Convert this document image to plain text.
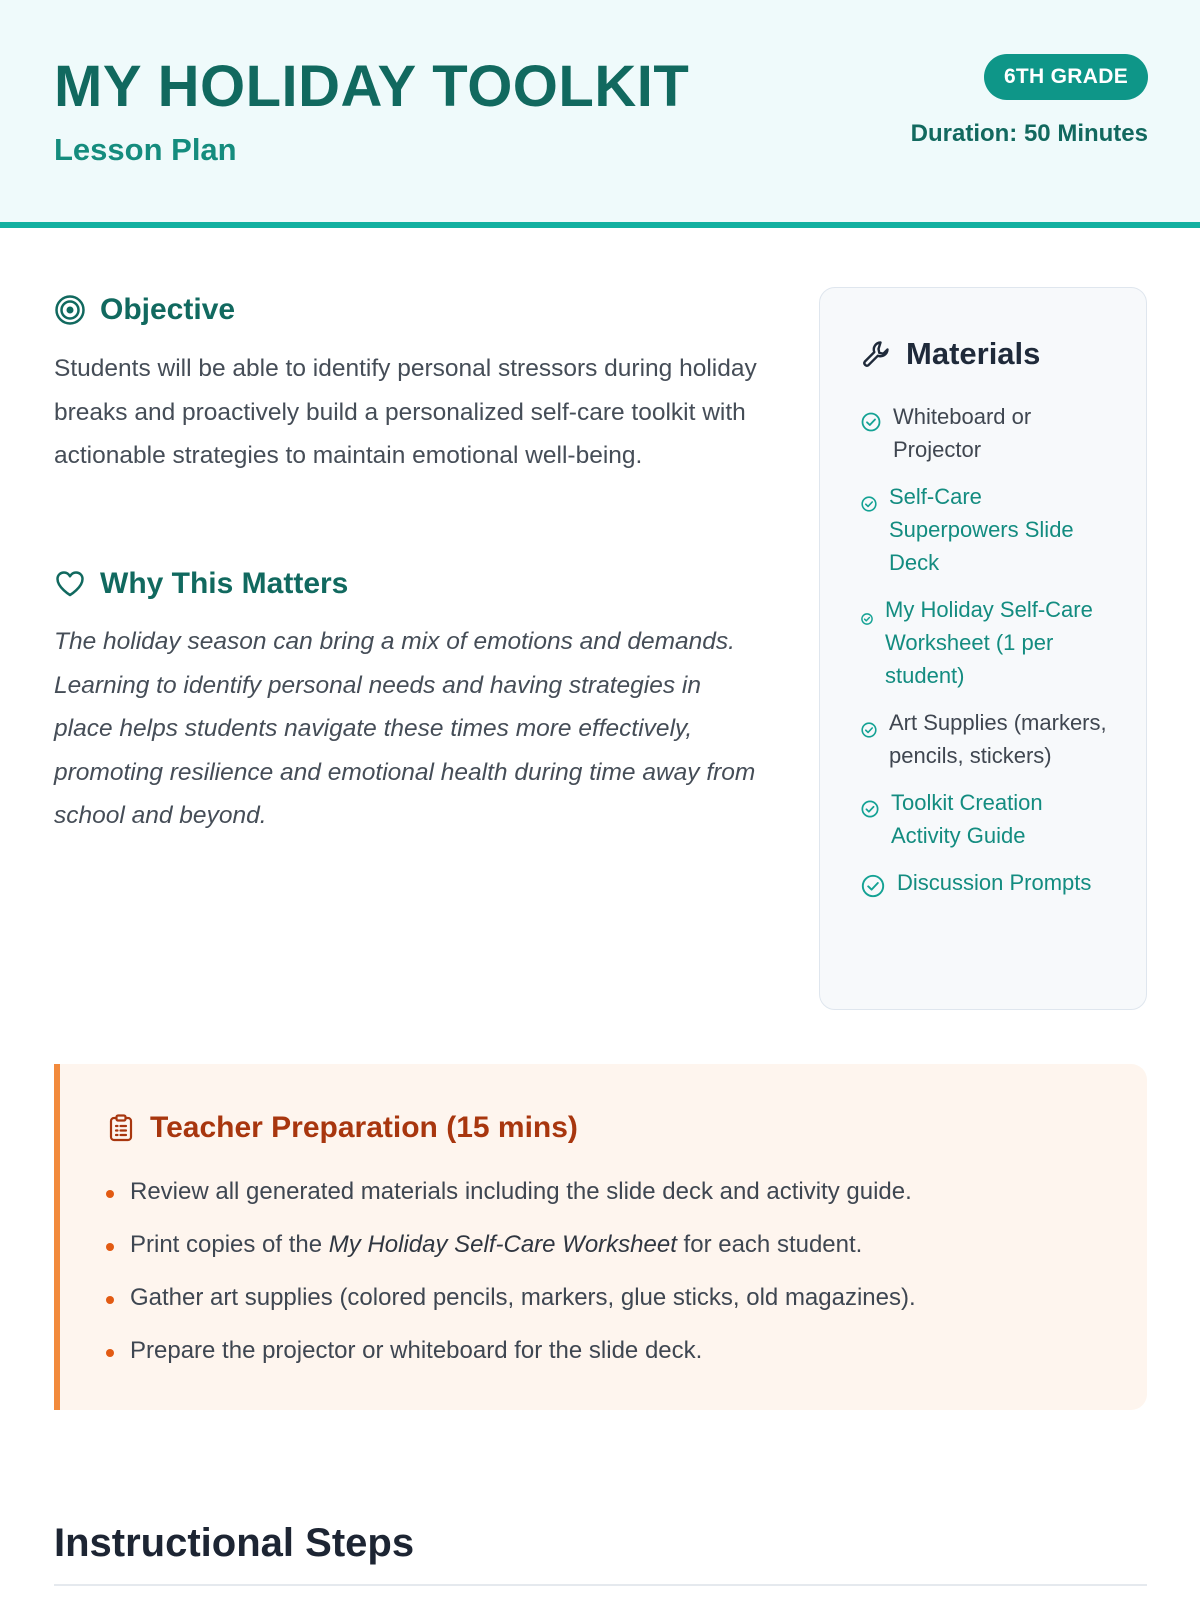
MY HOLIDAY TOOLKIT
Lesson Plan
6TH GRADE
Duration: 50 Minutes
Objective

Students will be able to identify personal stressors during holiday breaks and proactively build a personalized self-care toolkit with actionable strategies to maintain emotional well-being.

Why This Matters

The holiday season can bring a mix of emotions and demands. Learning to identify personal needs and having strategies in place helps students navigate these times more effectively, promoting resilience and emotional health during time away from school and beyond.

Materials
Whiteboard or Projector
Self-Care Superpowers Slide Deck
My Holiday Self-Care Worksheet (1 per student)
Art Supplies (markers, pencils, stickers)
Toolkit Creation Activity Guide
Discussion Prompts
Teacher Preparation (15 mins)
Review all generated materials including the slide deck and activity guide.
Print copies of the My Holiday Self-Care Worksheet for each student.
Gather art supplies (colored pencils, markers, glue sticks, old magazines).
Prepare the projector or whiteboard for the slide deck.
Instructional Steps
